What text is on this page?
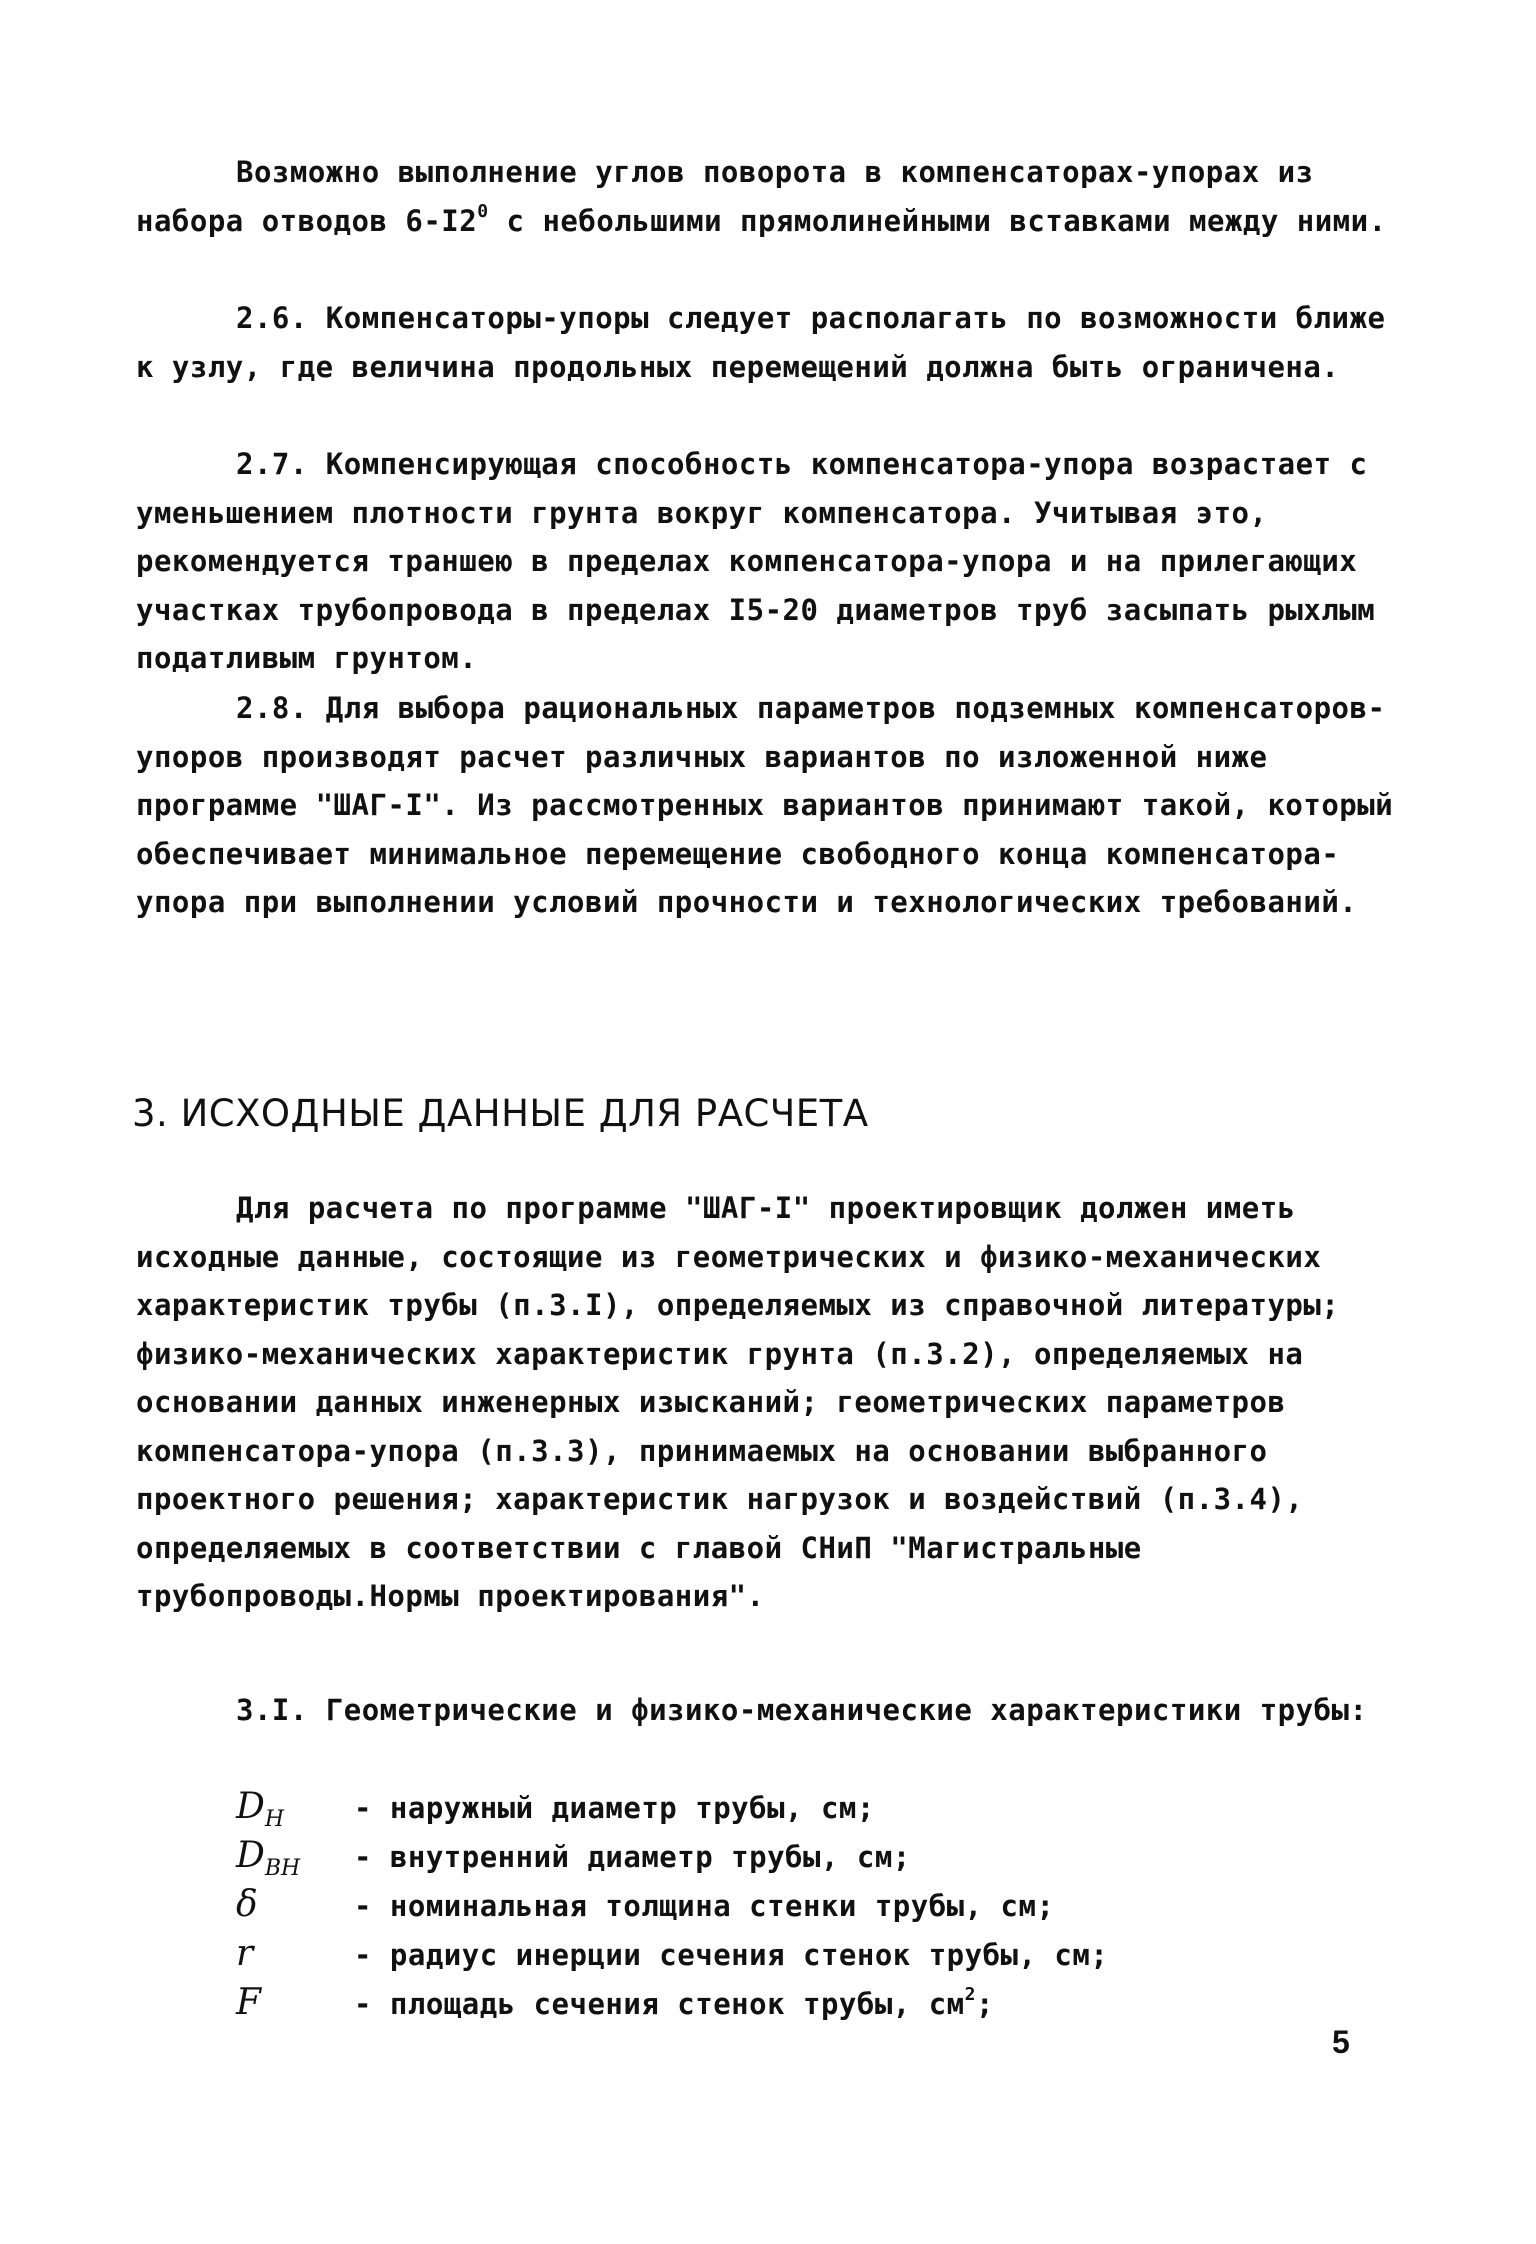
Возможно выполнение углов поворота в компенсаторах-упорах из набора отводов $6-I2^0$ с небольшими прямолинейными вставками между ними.

2.6. Компенсаторы-упоры следует располагать по возможности ближе к узлу, где величина продольных перемещений должна быть ограничена.

2.7. Компенсирующая способность компенсатора-упора возрастает с уменьшением плотности грунта вокруг компенсатора. Учитывая это, рекомендуется траншею в пределах компенсатора-упора и на прилегающих участках трубопровода в пределах I5-20 диаметров труб засыпать рыхлым податливым грунтом.

2.8. Для выбора рациональных параметров подземных компенсаторов-упоров производят расчет различных вариантов по изложенной ниже программе "ШАГ-I". Из рассмотренных вариантов принимают такой, который обеспечивает минимальное перемещение свободного конца компенсатора-упора при выполнении условий прочности и технологических требований.

3. ИСХОДНЫЕ ДАННЫЕ ДЛЯ РАСЧЕТА

Для расчета по программе "ШАГ-I" проектировщик должен иметь исходные данные, состоящие из геометрических и физико-механических характеристик трубы (п.3.I), определяемых из справочной литературы; физико-механических характеристик грунта (п.3.2), определяемых на основании данных инженерных изысканий; геометрических параметров компенсатора-упора (п.3.3), принимаемых на основании выбранного проектного решения; характеристик нагрузок и воздействий (п.3.4), определяемых в соответствии с главой СНиП "Магистральные трубопроводы.Нормы проектирования".

3.I. Геометрические и физико-механические характеристики трубы:

$D_Н$	- наружный диаметр трубы, см;
$D_{ВН}$	- внутренний диаметр трубы, см;
δ	- номинальная толщина стенки трубы, см;
r	- радиус инерции сечения стенок трубы, см;
F	- площадь сечения стенок трубы, $см^2$;
5
